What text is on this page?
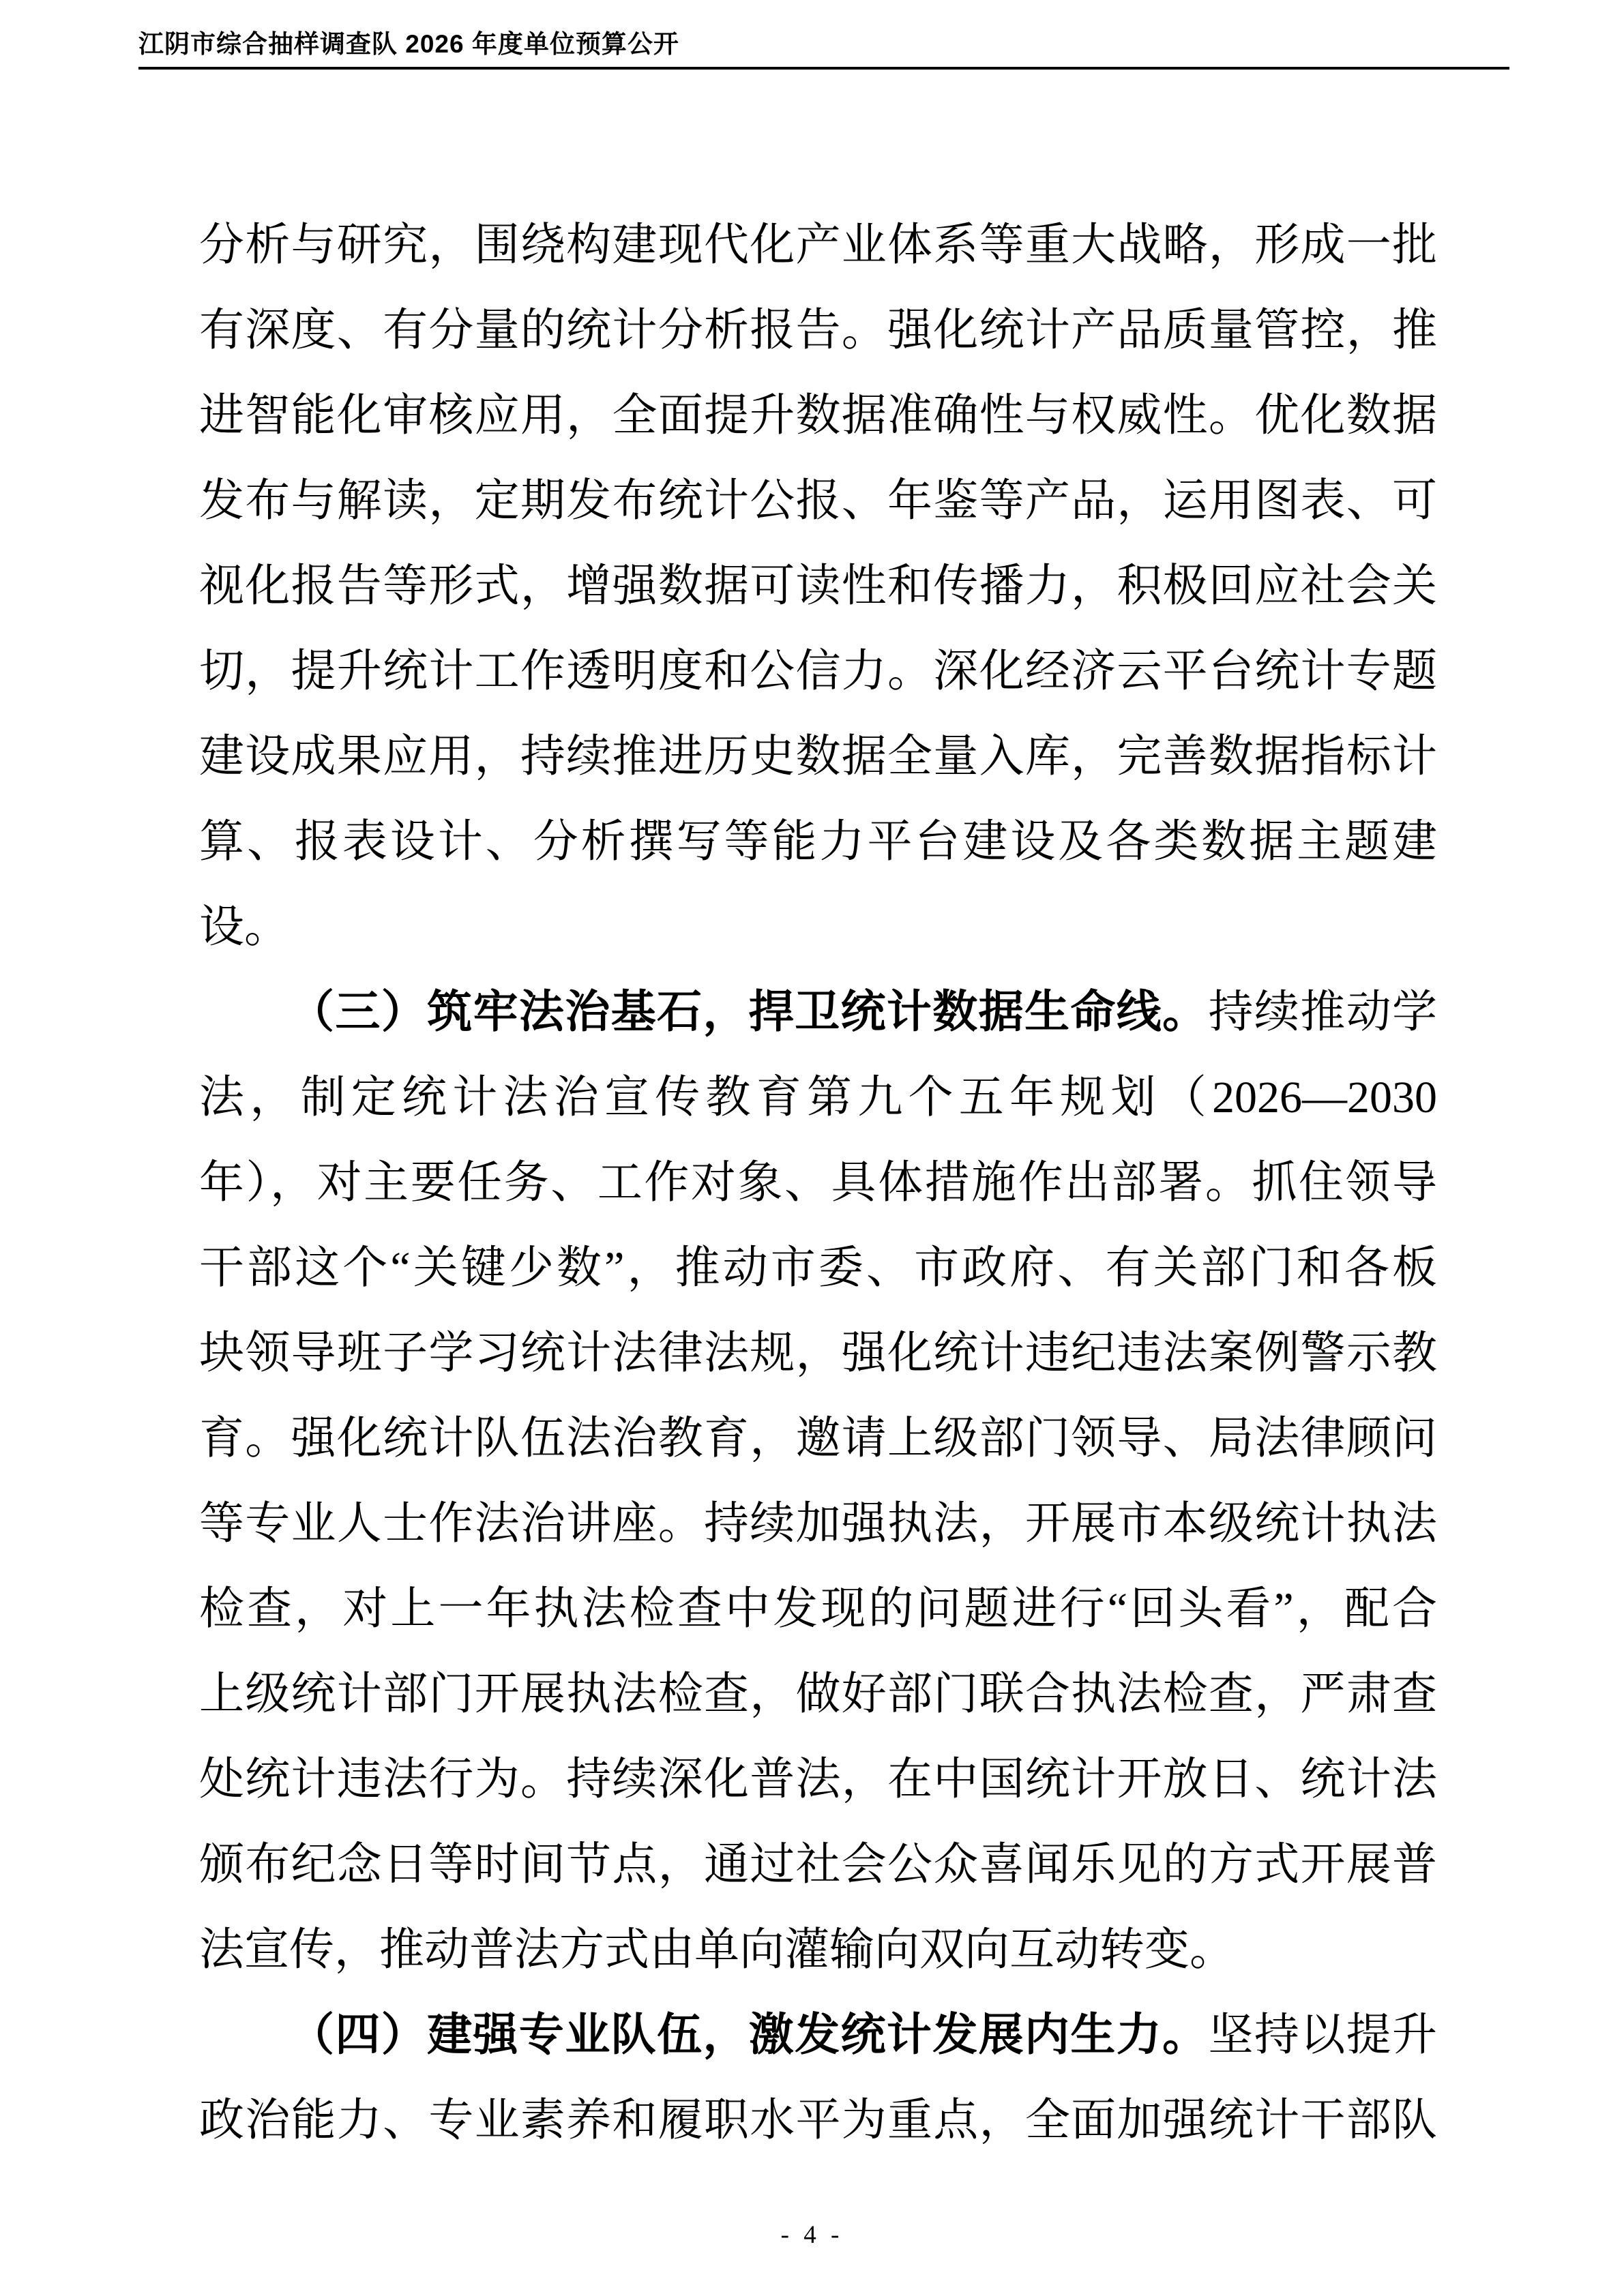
江阴市综合抽样调查队 2026 年度单位预算公开
分析与研究，围绕构建现代化产业体系等重大战略，形成一批
有深度、有分量的统计分析报告。强化统计产品质量管控，推
进智能化审核应用，全面提升数据准确性与权威性。优化数据
发布与解读，定期发布统计公报、年鉴等产品，运用图表、可
视化报告等形式，增强数据可读性和传播力，积极回应社会关
切，提升统计工作透明度和公信力。深化经济云平台统计专题
建设成果应用，持续推进历史数据全量入库，完善数据指标计
算、报表设计、分析撰写等能力平台建设及各类数据主题建
设。
（三）筑牢法治基石，捍卫统计数据生命线。持续推动学
法，制定统计法治宣传教育第九个五年规划（2026—2030
年），对主要任务、工作对象、具体措施作出部署。抓住领导
干部这个“关键少数”，推动市委、市政府、有关部门和各板
块领导班子学习统计法律法规，强化统计违纪违法案例警示教
育。强化统计队伍法治教育，邀请上级部门领导、局法律顾问
等专业人士作法治讲座。持续加强执法，开展市本级统计执法
检查，对上一年执法检查中发现的问题进行“回头看”，配合
上级统计部门开展执法检查，做好部门联合执法检查，严肃查
处统计违法行为。持续深化普法，在中国统计开放日、统计法
颁布纪念日等时间节点，通过社会公众喜闻乐见的方式开展普
法宣传，推动普法方式由单向灌输向双向互动转变。
（四）建强专业队伍，激发统计发展内生力。坚持以提升
政治能力、专业素养和履职水平为重点，全面加强统计干部队
- 4 -
